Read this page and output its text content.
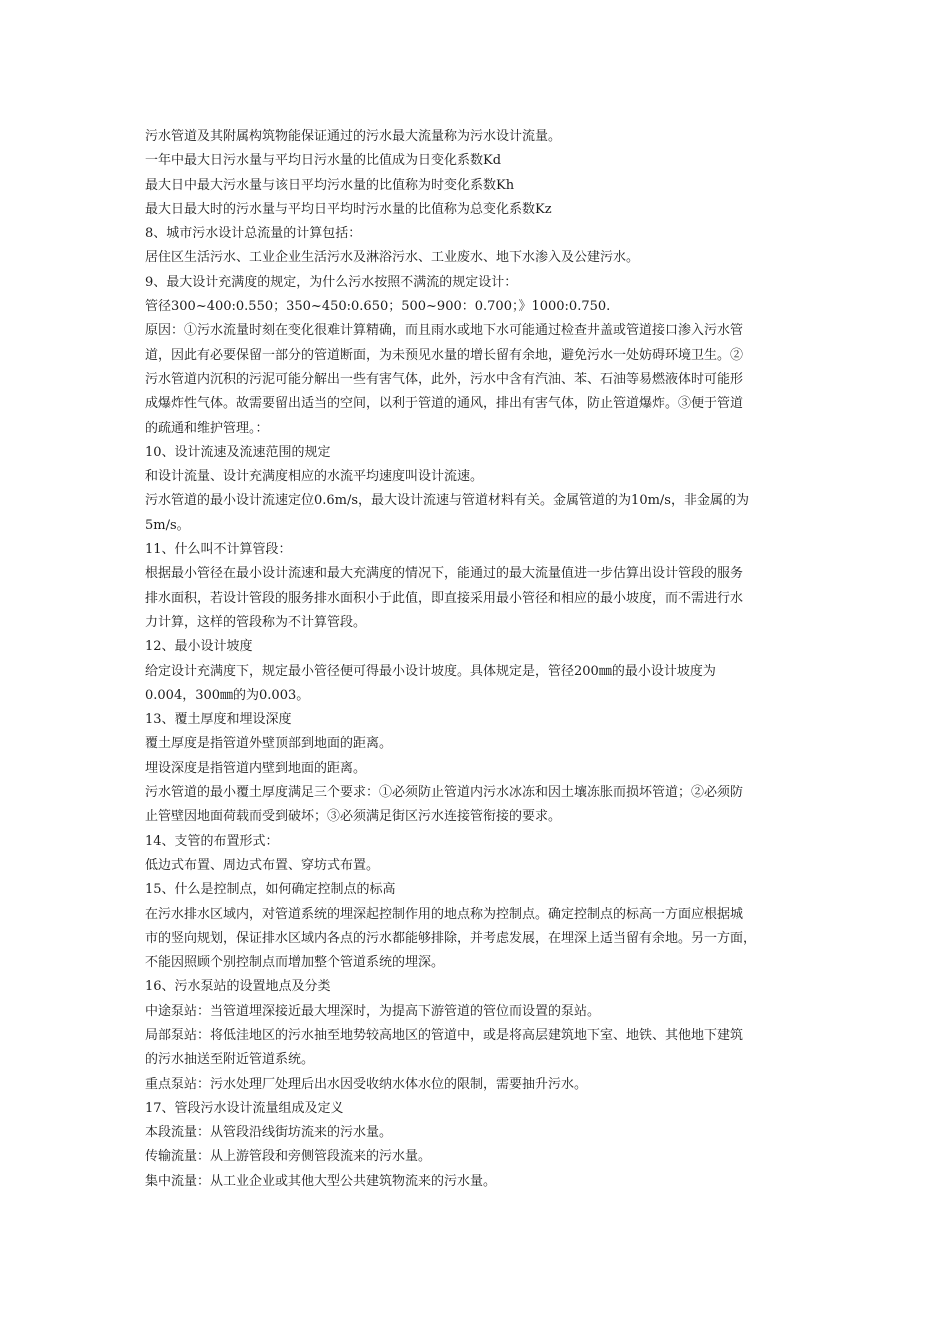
污水管道及其附属构筑物能保证通过的污水最大流量称为污水设计流量。
一年中最大日污水量与平均日污水量的比值成为日变化系数Kd
最大日中最大污水量与该日平均污水量的比值称为时变化系数Kh
最大日最大时的污水量与平均日平均时污水量的比值称为总变化系数Kz
8、城市污水设计总流量的计算包括：
居住区生活污水、工业企业生活污水及淋浴污水、工业废水、地下水渗入及公建污水。
9、最大设计充满度的规定，为什么污水按照不满流的规定设计：
管径300~400:0.550；350~450:0.650；500~900：0.700；》1000:0.750.
原因：①污水流量时刻在变化很难计算精确，而且雨水或地下水可能通过检查井盖或管道接口渗入污水管
道，因此有必要保留一部分的管道断面，为未预见水量的增长留有余地，避免污水一处妨碍环境卫生。②
污水管道内沉积的污泥可能分解出一些有害气体，此外，污水中含有汽油、苯、石油等易燃液体时可能形
成爆炸性气体。故需要留出适当的空间，以利于管道的通风，排出有害气体，防止管道爆炸。③便于管道
的疏通和维护管理。：
10、设计流速及流速范围的规定
和设计流量、设计充满度相应的水流平均速度叫设计流速。
污水管道的最小设计流速定位0.6m/s，最大设计流速与管道材料有关。金属管道的为10m/s，非金属的为
5m/s。
11、什么叫不计算管段：
根据最小管径在最小设计流速和最大充满度的情况下，能通过的最大流量值进一步估算出设计管段的服务
排水面积，若设计管段的服务排水面积小于此值，即直接采用最小管径和相应的最小坡度，而不需进行水
力计算，这样的管段称为不计算管段。
12、最小设计坡度
给定设计充满度下，规定最小管径便可得最小设计坡度。具体规定是，管径200㎜的最小设计坡度为
0.004，300㎜的为0.003。
13、覆土厚度和埋设深度
覆土厚度是指管道外壁顶部到地面的距离。
埋设深度是指管道内壁到地面的距离。
污水管道的最小覆土厚度满足三个要求：①必须防止管道内污水冰冻和因土壤冻胀而损坏管道；②必须防
止管壁因地面荷载而受到破坏；③必须满足街区污水连接管衔接的要求。
14、支管的布置形式：
低边式布置、周边式布置、穿坊式布置。
15、什么是控制点，如何确定控制点的标高
在污水排水区域内，对管道系统的埋深起控制作用的地点称为控制点。确定控制点的标高一方面应根据城
市的竖向规划，保证排水区域内各点的污水都能够排除，并考虑发展，在埋深上适当留有余地。另一方面，
不能因照顾个别控制点而增加整个管道系统的埋深。
16、污水泵站的设置地点及分类
中途泵站：当管道埋深接近最大埋深时，为提高下游管道的管位而设置的泵站。
局部泵站：将低洼地区的污水抽至地势较高地区的管道中，或是将高层建筑地下室、地铁、其他地下建筑
的污水抽送至附近管道系统。
重点泵站：污水处理厂处理后出水因受收纳水体水位的限制，需要抽升污水。
17、管段污水设计流量组成及定义
本段流量：从管段沿线街坊流来的污水量。
传输流量：从上游管段和旁侧管段流来的污水量。
集中流量：从工业企业或其他大型公共建筑物流来的污水量。
